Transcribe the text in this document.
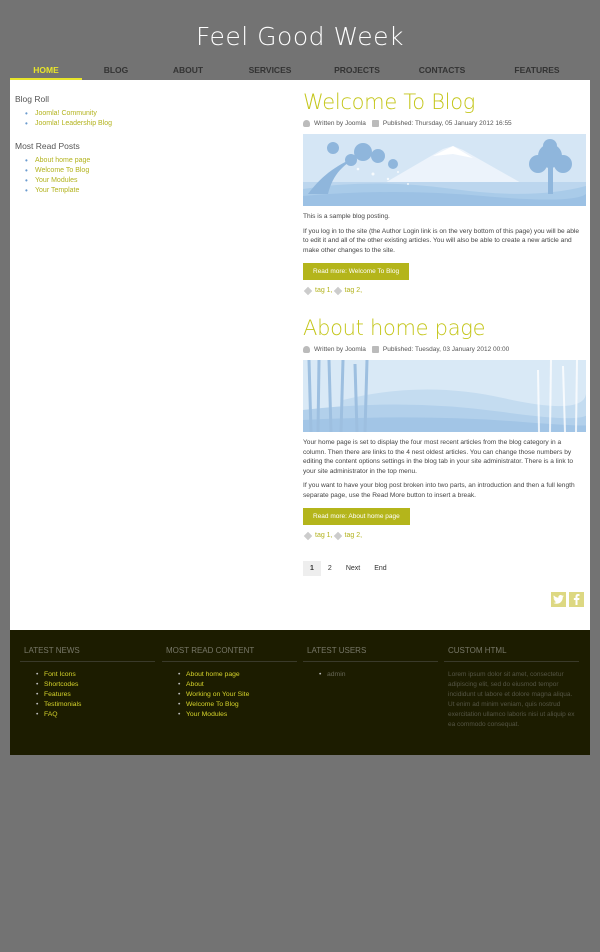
Feel Good Week
HOME	BLOG	ABOUT	SERVICES	PROJECTS	CONTACTS	FEATURES
Blog Roll
• Joomla! Community
• Joomla! Leadership Blog
Most Read Posts
• About home page
• Welcome To Blog
• Your Modules
• Your Template
Welcome To Blog
Written by Joomla	Published: Thursday, 05 January 2012 16:55

This is a sample blog posting.

If you log in to the site (the Author Login link is on the very bottom of this page) you will be able to edit it and all of the other existing articles. You will also be able to create a new article and make other changes to the site.

Read more: Welcome To Blog
tag 1, tag 2,
About home page
Written by Joomla	Published: Tuesday, 03 January 2012 00:00

Your home page is set to display the four most recent articles from the blog category in a column. Then there are links to the 4 nest oldest articles. You can change those numbers by editing the content options settings in the blog tab in your site administrator. There is a link to your site administrator in the top menu.

If you want to have your blog post broken into two parts, an introduction and then a full length separate page, use the Read More button to insert a break.

Read more: About home page
tag 1, tag 2,
1	2	Next	End
LATEST NEWS
• Font Icons
• Shortcodes
• Features
• Testimonials
• FAQ
MOST READ CONTENT
• About home page
• About
• Working on Your Site
• Welcome To Blog
• Your Modules
LATEST USERS
• admin
CUSTOM HTML

Lorem ipsum dolor sit amet, consectetur adipiscing elit, sed do eiusmod tempor incididunt ut labore et dolore magna aliqua. Ut enim ad minim veniam, quis nostrud exercitation ullamco laboris nisi ut aliquip ex ea commodo consequat.
